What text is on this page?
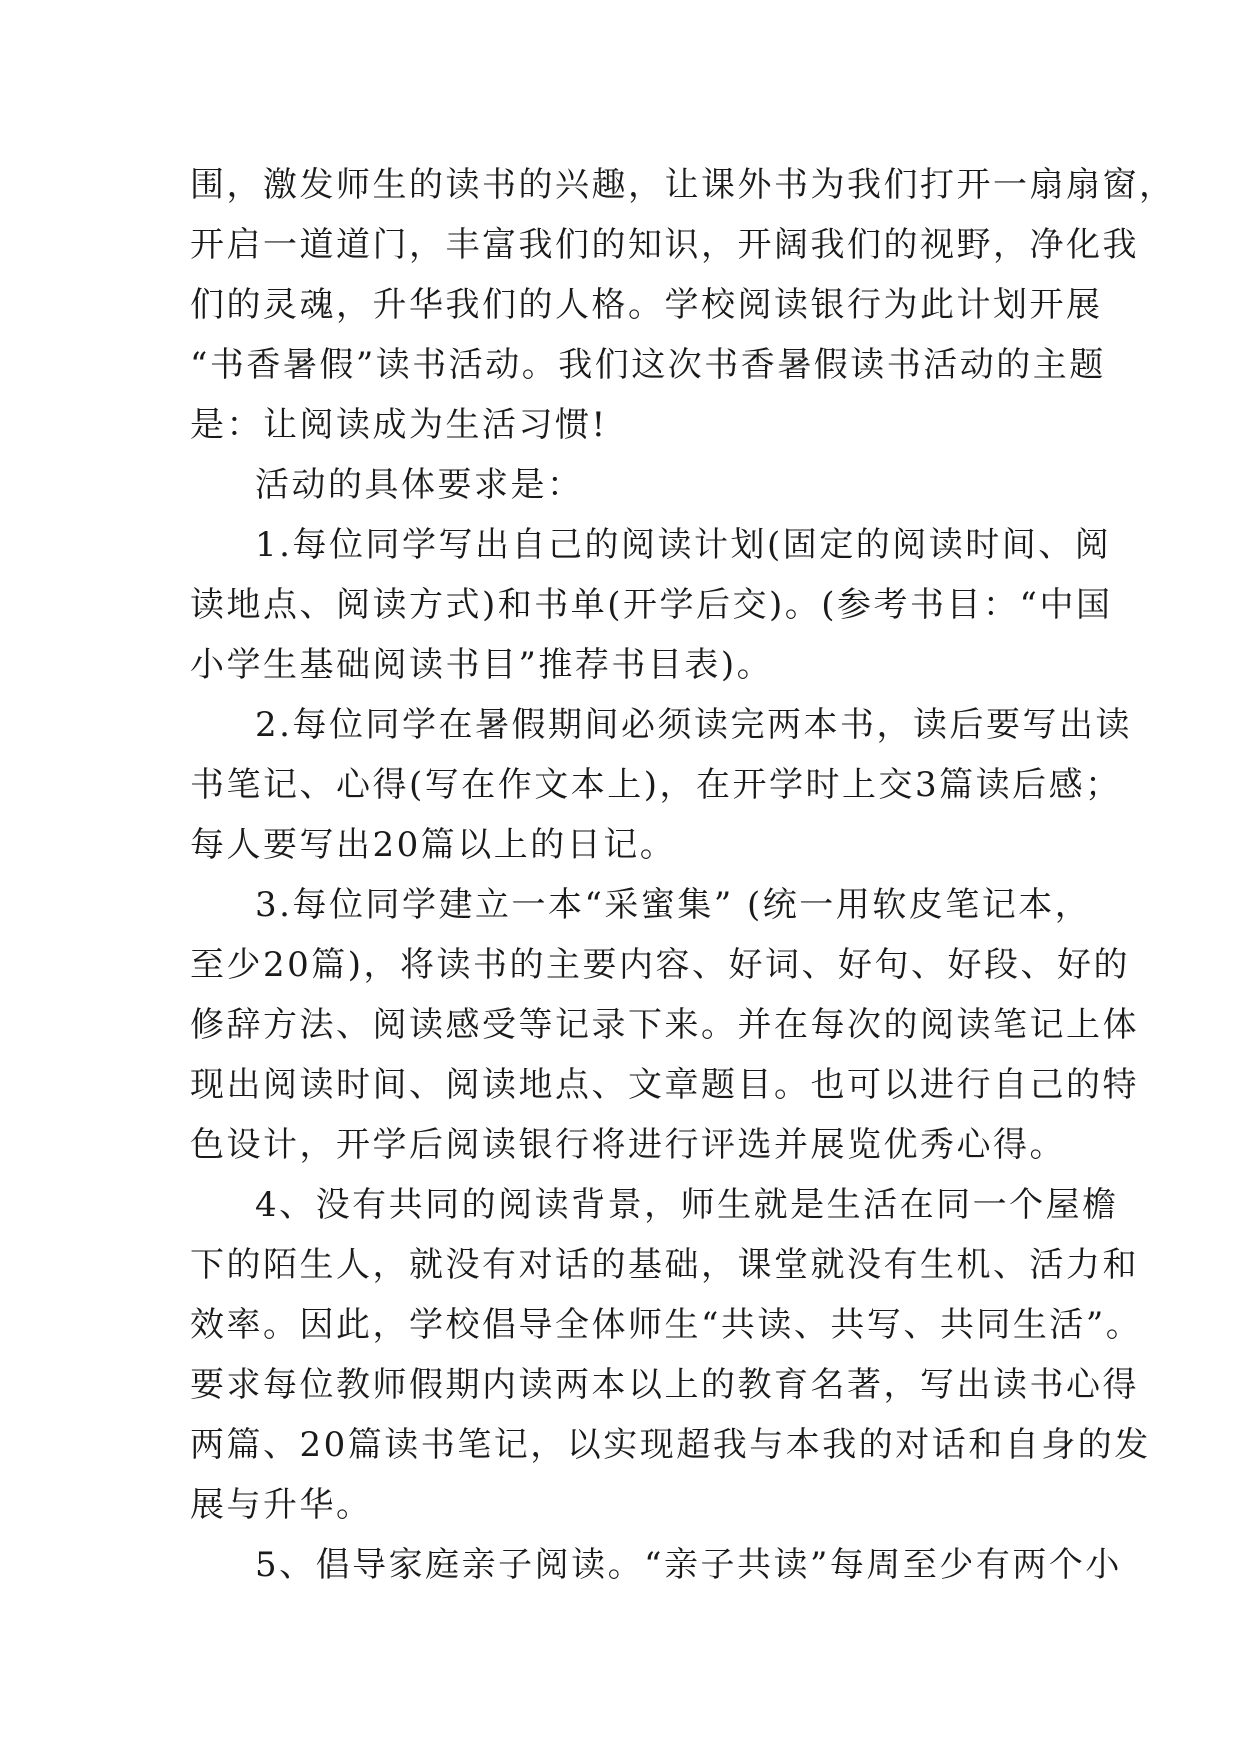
围，激发师生的读书的兴趣，让课外书为我们打开一扇扇窗，
开启一道道门，丰富我们的知识，开阔我们的视野，净化我
们的灵魂，升华我们的人格。学校阅读银行为此计划开展
“书香暑假”读书活动。我们这次书香暑假读书活动的主题
是：让阅读成为生活习惯!
活动的具体要求是：
1.每位同学写出自己的阅读计划(固定的阅读时间、阅
读地点、阅读方式)和书单(开学后交)。(参考书目：“中国
小学生基础阅读书目”推荐书目表)。
2.每位同学在暑假期间必须读完两本书，读后要写出读
书笔记、心得(写在作文本上)，在开学时上交3篇读后感；
每人要写出20篇以上的日记。
3.每位同学建立一本“采蜜集” (统一用软皮笔记本，
至少20篇)，将读书的主要内容、好词、好句、好段、好的
修辞方法、阅读感受等记录下来。并在每次的阅读笔记上体
现出阅读时间、阅读地点、文章题目。也可以进行自己的特
色设计，开学后阅读银行将进行评选并展览优秀心得。
4、没有共同的阅读背景，师生就是生活在同一个屋檐
下的陌生人，就没有对话的基础，课堂就没有生机、活力和
效率。因此，学校倡导全体师生“共读、共写、共同生活”。
要求每位教师假期内读两本以上的教育名著，写出读书心得
两篇、20篇读书笔记，以实现超我与本我的对话和自身的发
展与升华。
5、倡导家庭亲子阅读。“亲子共读”每周至少有两个小
